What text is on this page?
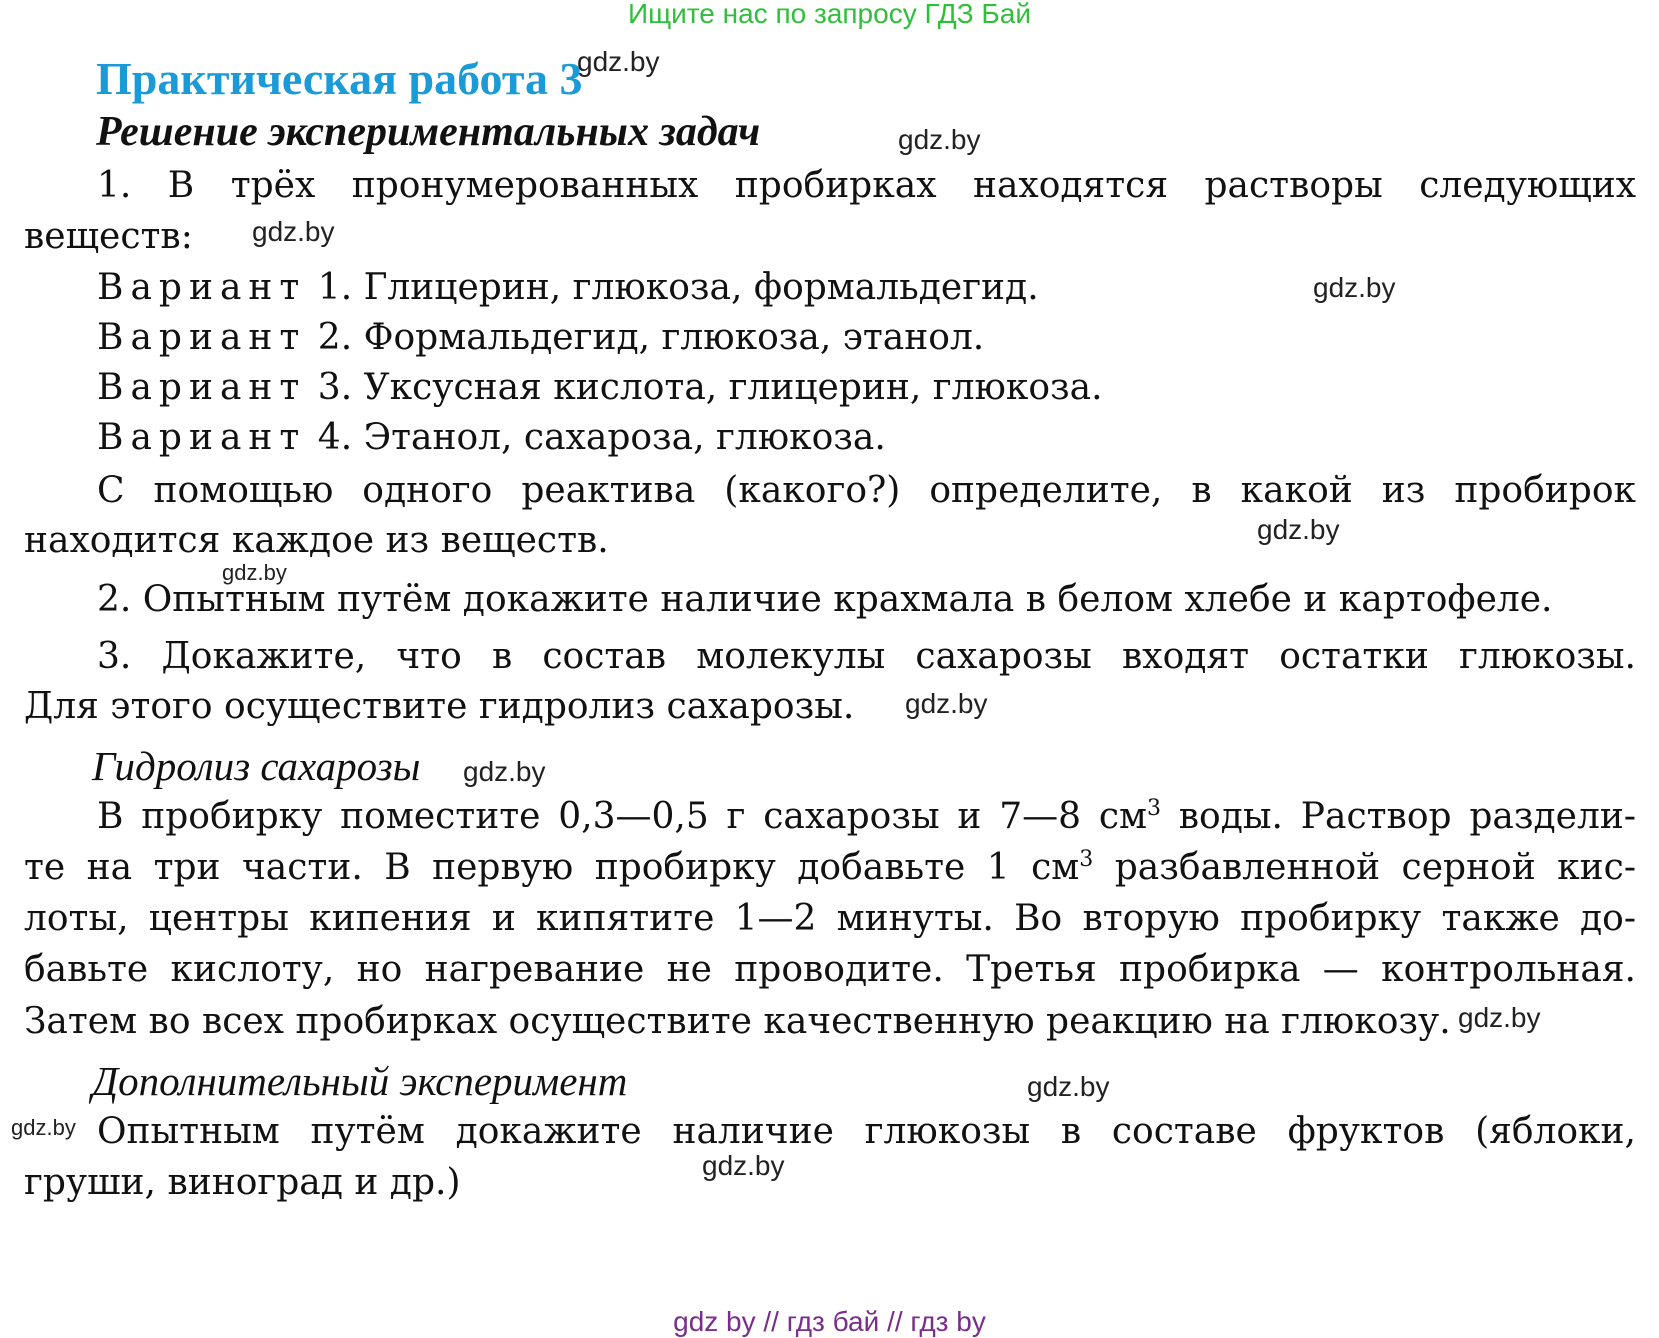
Ищите нас по запросу ГДЗ Бай
Практическая работа 3
Решение экспериментальных задач
1. В трёх пронумерованных пробирках находятся растворы следующих
веществ:
Вариант 1. Глицерин, глюкоза, формальдегид.
Вариант 2. Формальдегид, глюкоза, этанол.
Вариант 3. Уксусная кислота, глицерин, глюкоза.
Вариант 4. Этанол, сахароза, глюкоза.
С помощью одного реактива (какого?) определите, в какой из пробирок
находится каждое из веществ.
2. Опытным путём докажите наличие крахмала в белом хлебе и картофеле.
3. Докажите, что в состав молекулы сахарозы входят остатки глюкозы.
Для этого осуществите гидролиз сахарозы.
Гидролиз сахарозы
В пробирку поместите 0,3—0,5 г сахарозы и 7—8 $см^3$ воды. Раствор раздели-
те на три части. В первую пробирку добавьте 1 $см^3$ разбавленной серной кис-
лоты, центры кипения и кипятите 1—2 минуты. Во вторую пробирку также до-
бавьте кислоту, но нагревание не проводите. Третья пробирка — контрольная.
Затем во всех пробирках осуществите качественную реакцию на глюкозу.
Дополнительный эксперимент
Опытным путём докажите наличие глюкозы в составе фруктов (яблоки,
груши, виноград и др.)
gdz.by
gdz.by
gdz.by
gdz.by
gdz.by
gdz.by
gdz.by
gdz.by
gdz.by
gdz.by
gdz.by
gdz.by
gdz by // гдз бай // гдз by
